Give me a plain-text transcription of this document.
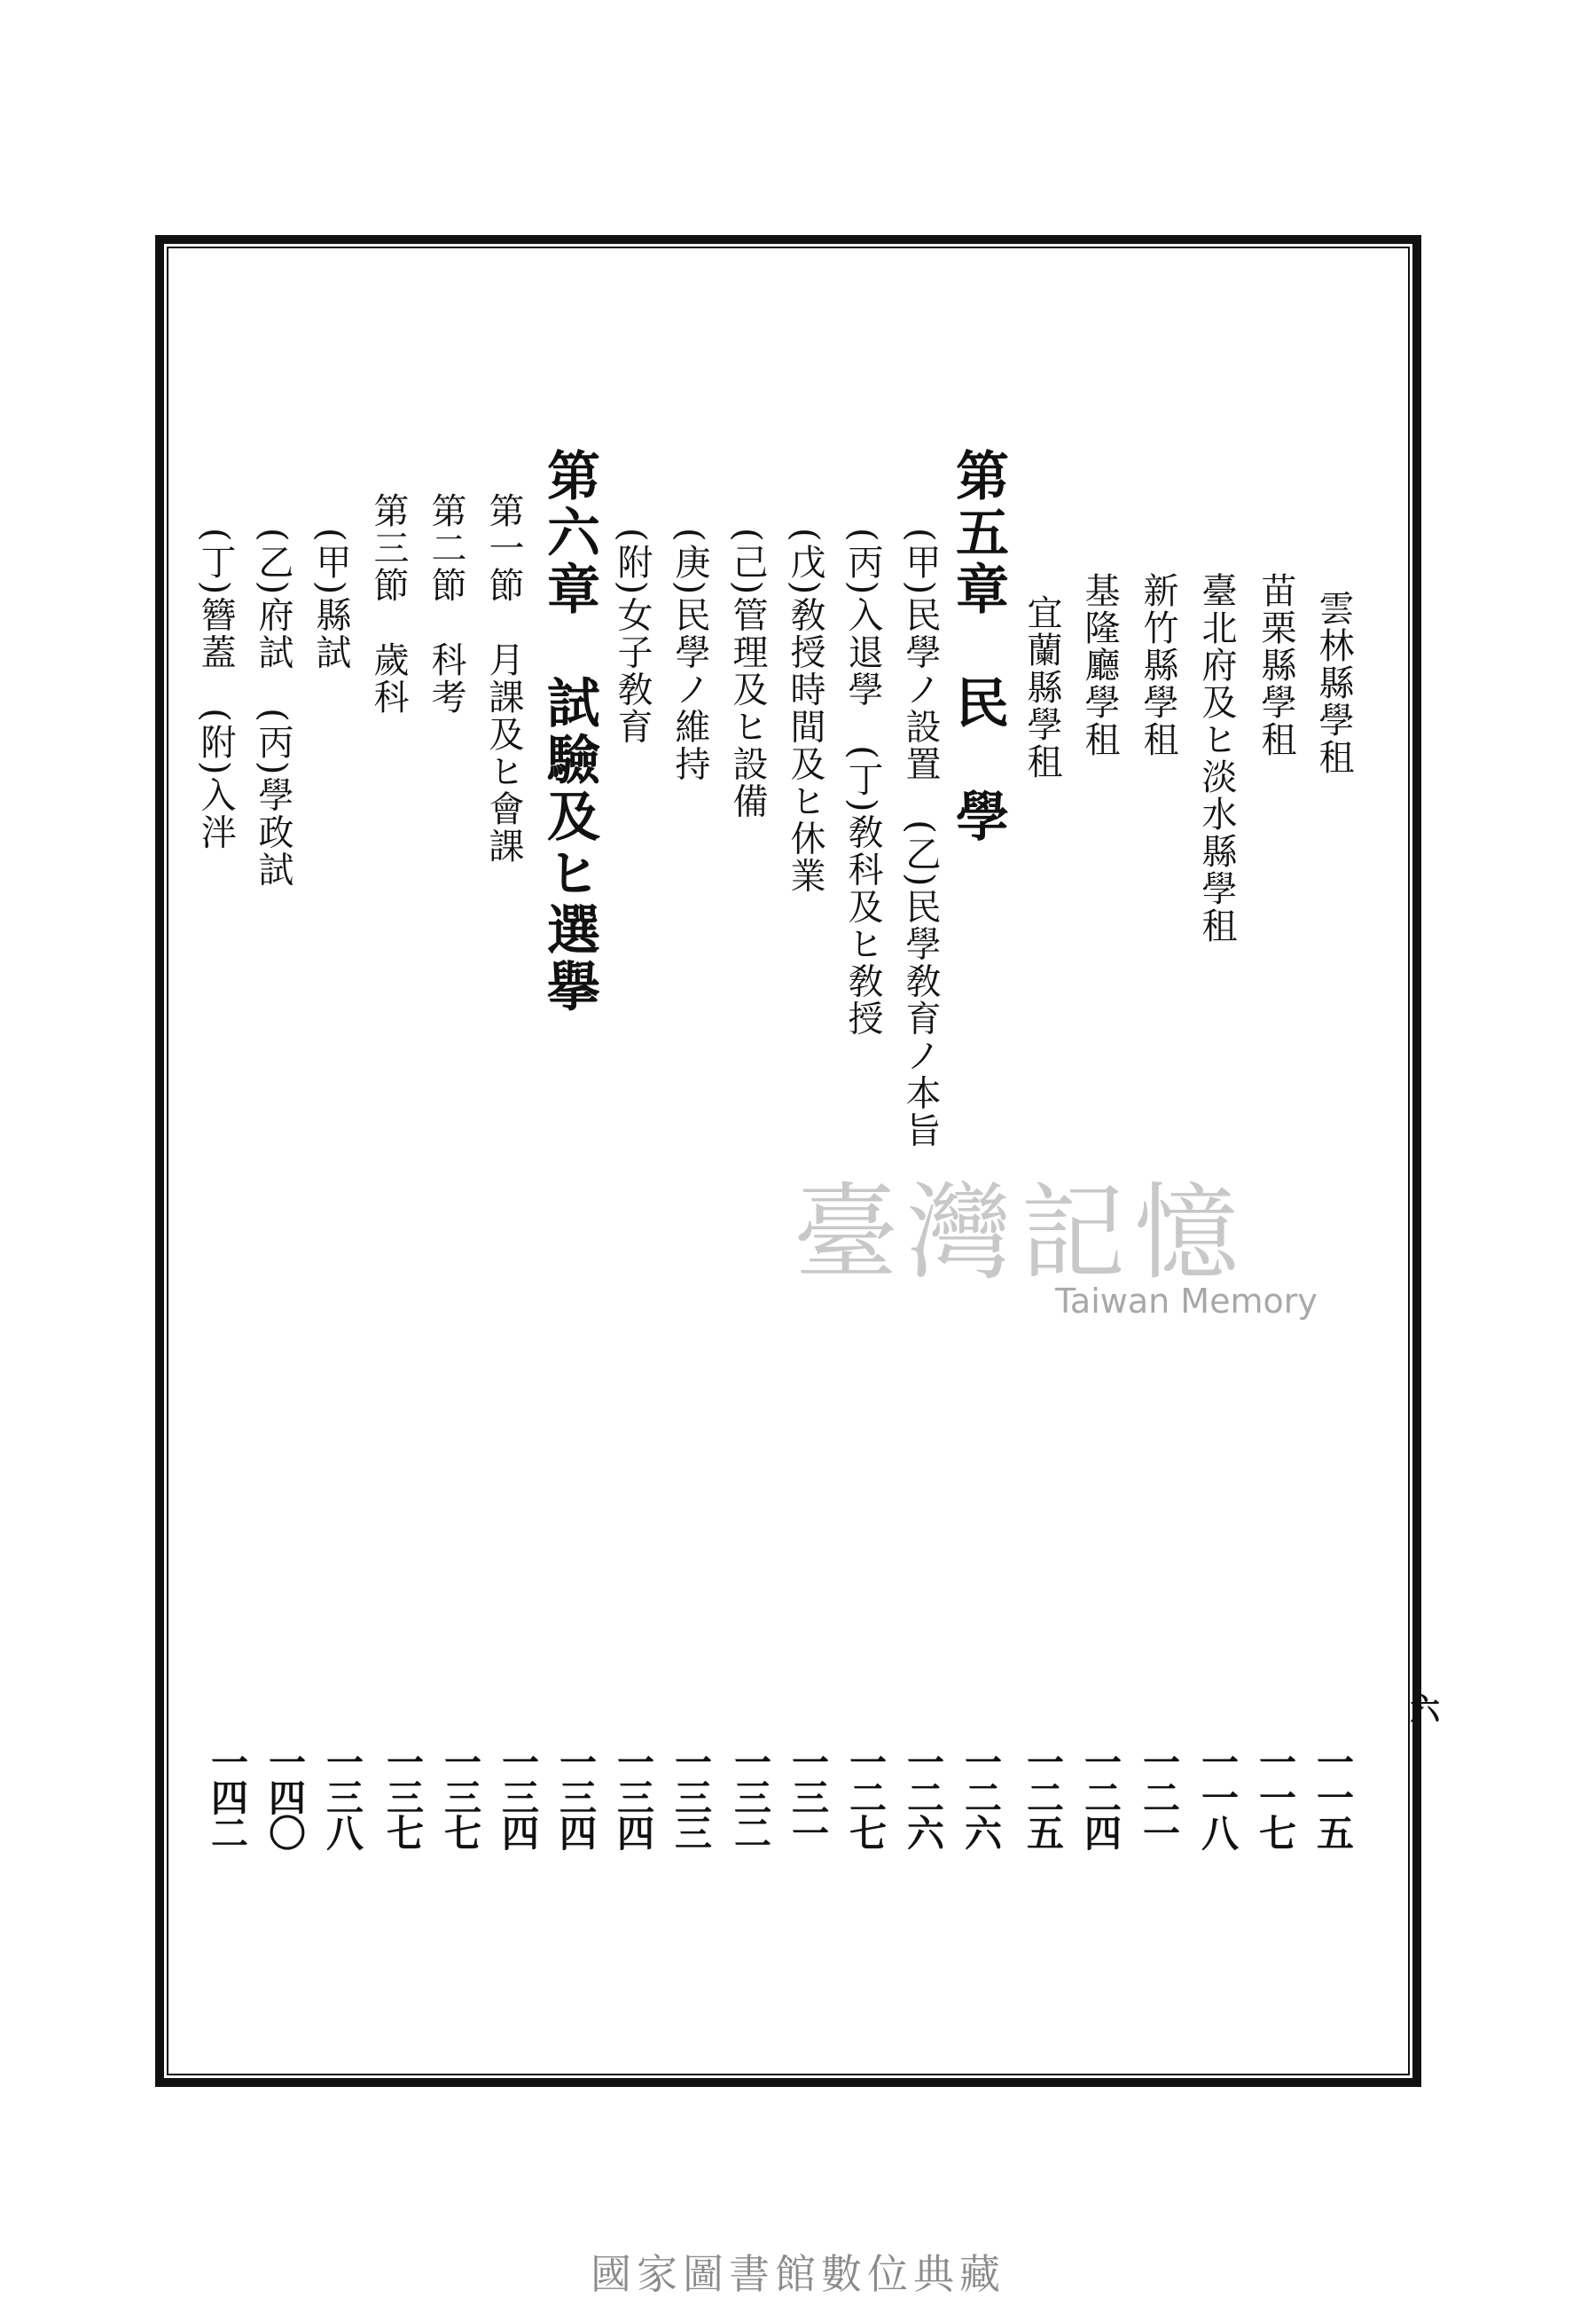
雲林縣學租
苗栗縣學租
臺北府及ヒ淡水縣學租
新竹縣學租
基隆廳學租
宜蘭縣學租
第五章　民　學
(甲)民學ノ設置　(乙)民學敎育ノ本旨
(丙)入退學　(丁)敎科及ヒ敎授
(戊)敎授時間及ヒ休業
(己)管理及ヒ設備
(庚)民學ノ維持
(附)女子敎育
第六章　試驗及ヒ選擧
第一節　月課及ヒ會課
第二節　科考
第三節　歲科
(甲)縣試
(乙)府試　(丙)學政試
(丁)簪蓋　(附)入泮
一一五
一一七
一一八
一二一
一二四
一二五
一二六
一二六
一二七
一三一
一三二
一三三
一三四
一三四
一三四
一三七
一三七
一三八
一四〇
一四二
六
臺灣記憶
Taiwan Memory
國家圖書館數位典藏
